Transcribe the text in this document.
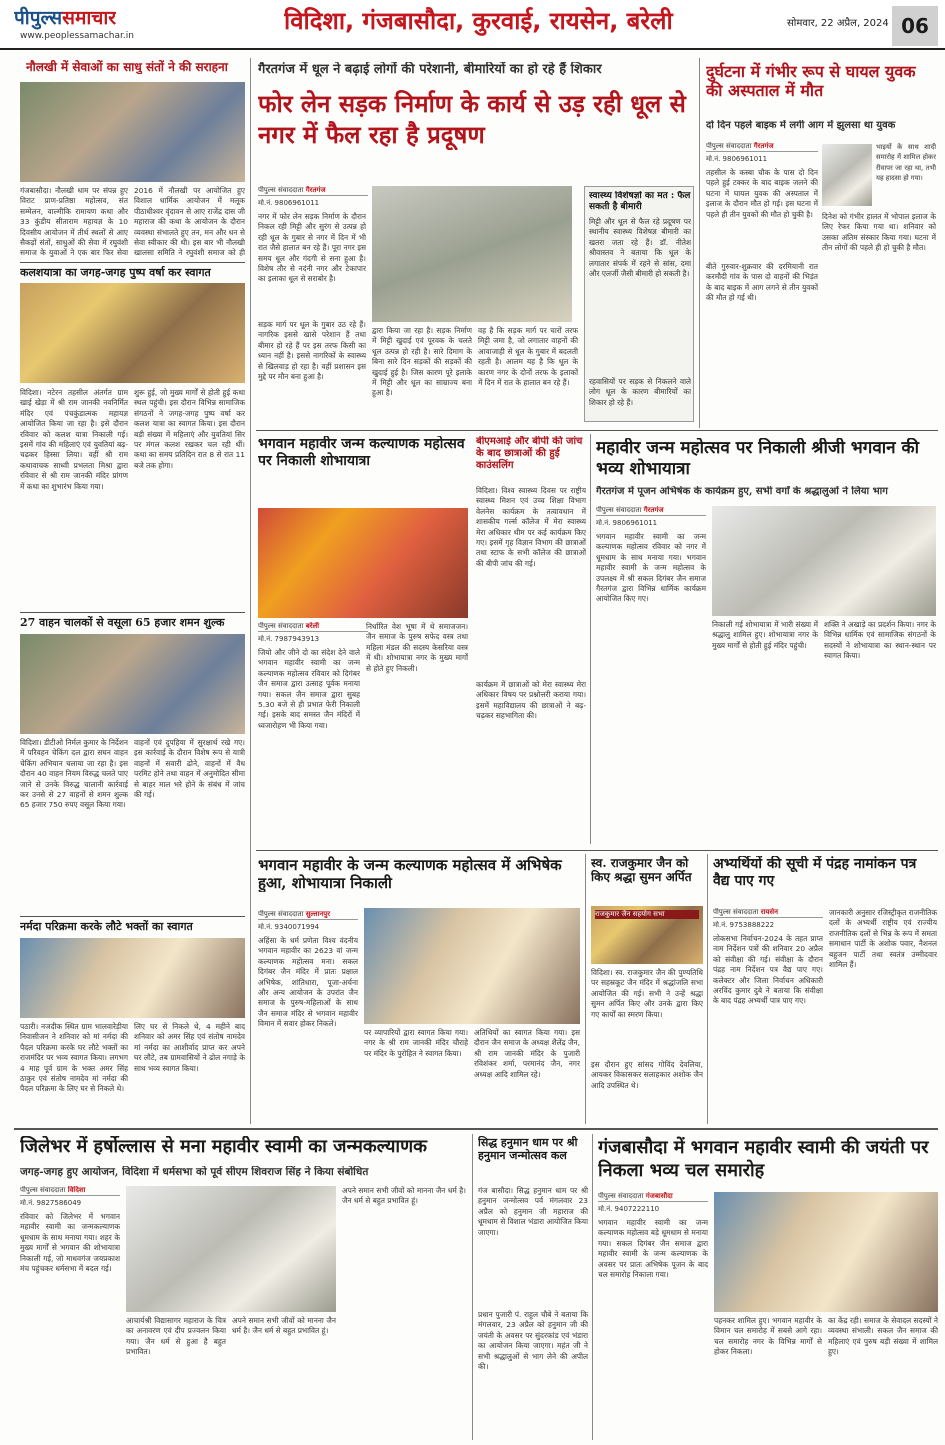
पीपुल्ससमाचार
www.peoplessamachar.in
विदिशा, गंजबासौदा, कुरवाई, रायसेन, बरेली	सोमवार, 22 अप्रैल, 2024 06
नौलखी में सेवाओं का साधु संतों ने की सराहना
गंजबासौदा। नौलखी धाम पर संपन्न हुए विराट प्राण-प्रतिष्ठा महोत्सव, संत सम्मेलन, वाल्मीकि रामायण कथा और 33 कुंडीय सीताराम महायज्ञ के 10 दिवसीय आयोजन में तीर्थ स्थलों से आए सैकड़ों संतों, साधुओं की सेवा में रघुवंशी समाज के युवाओं ने एक बार फिर सेवा
2016 में नौलखी पर आयोजित हुए विशाल धार्मिक आयोजन में मलूक पीठाधीश्वर वृंदावन से आए राजेंद्र दास जी महाराज की कथा के आयोजन के दौरान व्यवस्था संभालते हुए तन, मन और धन से सेवा स्वीकार की थी। इस बार भी नौलखी खालसा समिति ने रघुवंशी समाज को ही
कलशयात्रा का जगह-जगह पुष्प वर्षा कर स्वागत
विदिशा। नटेरन तहसील अंतर्गत ग्राम खाई खेड़ा में श्री राम जानकी नवनिर्मित मंदिर एवं पंचकुंडात्मक महायज्ञ आयोजित किया जा रहा है। इसे दौरान रविवार को कलश यात्रा निकाली गई। इसमें गांव की महिलाएं एवं युवतियां बढ़-चढ़कर हिस्सा लिया। वहीं श्री राम कथावाचक साध्वी प्रभलता मिश्रा द्वारा रविवार से श्री राम जानकी मंदिर प्रांगण में कथा का शुभारंभ किया गया।
शुरू हुई, जो मुख्य मार्गों से होती हुई कथा स्थल पहुंची। इस दौरान विभिन्न सामाजिक संगठनों ने जगह-जगह पुष्प वर्षा कर कलश यात्रा का स्वागत किया। इस दौरान बड़ी संख्या में महिलाएं और युवतियां सिर पर मंगल कलश रखकर चल रही थीं। कथा का समय प्रतिदिन रात 8 से रात 11 बजे तक होगा।
27 वाहन चालकों से वसूला 65 हजार शमन शुल्क
विदिशा। डीटीओ निर्मल कुमार के निर्देशन में परिवहन चेकिंग दल द्वारा सघन वाहन चेकिंग अभियान चलाया जा रहा है। इस दौरान 40 वाहन नियम विरुद्ध चलते पाए जाने से उनके विरुद्ध चालानी कार्रवाई कर उनसे से 27 वाहनों से शमन शुल्क 65 हजार 750 रुपए वसूल किया गया।
वाहनों एवं दुपहिया में सुरक्षार्थ रखे गए। इस कार्रवाई के दौरान विशेष रूप से यात्री वाहनों में सवारी ढोने, वाहनों में वैध परमिट होने तथा वाहन में अनुमोदित सीमा से बाहर माल भरे होने के संबंध में जांच की गई।
नर्मदा परिक्रमा करके लौटे भक्तों का स्वागत
पठारी। नजदीक स्थित ग्राम भालवारेड़ीया निवासीजन ने शनिवार को मां नर्मदा की पैदल परिक्रमा करके घर लौटे भक्तों का राजमंदिर पर भव्य स्वागत किया। लगभग 4 माह पूर्व ग्राम के भक्त अमर सिंह ठाकुर एवं संतोष नामदेव मां नर्मदा की पैदल परिक्रमा के लिए घर से निकले थे।
लिए घर से निकले थे, 4 महीने बाद शनिवार को अमर सिंह एवं संतोष नामदेव मां नर्मदा का आशीर्वाद प्राप्त कर अपने घर लौटे, तब ग्रामवासियों ने ढोल नगाड़े के साथ भव्य स्वागत किया।
गैरतगंज में धूल ने बढ़ाई लोगों की परेशानी, बीमारियों का हो रहे हैं शिकार
फोर लेन सड़क निर्माण के कार्य से उड़ रही धूल से नगर में फैल रहा है प्रदूषण
पीपुल्स संवाददाता गैरतगंज
मो.नं. 9806961011
नगर में फोर लेन सड़क निर्माण के दौरान निकल रही मिट्टी और सुरंग से उत्पन्न हो रही धूल के गुबार से नगर में दिन में भी रात जैसे हालात बन रहे हैं। पूरा नगर इस समय धूल और गंदगी से सना हुआ है। विशेष तौर से नदंनी नगर और टेकापार का इलाका धूल से सराबोर है।
सड़क मार्ग पर धूल के गुबार उठ रहे हैं। नागरिक इससे खासे परेशान हैं तथा बीमार हो रहे हैं पर इस तरफ किसी का ध्यान नहीं है। इससे नागरिकों के स्वास्थ्य से खिलवाड़ हो रहा है। वहीं प्रशासन इस मुद्दे पर मौन बना हुआ है।
द्वारा किया जा रहा है। सड़क निर्माण में मिट्टी खुदाई एवं पूरवक के चलते धूल उत्पन्न हो रही है। सारे दिमाग के बिना सारे दिन सड़कों की सड़कों की खुदाई हुई है। जिस कारण पूरे इलाके में मिट्टी और धूल का साम्राज्य बना हुआ है।
वह है कि सड़क मार्ग पर चारों तरफ मिट्टी जमा है, जो लगातार वाहनों की आवाजाही से धूल के गुबार में बदलती रहती है। आलम यह है कि धूल के कारण नगर के दोनों तरफ के इलाकों में दिन में रात के हालात बन रहे हैं।
स्वास्थ्य विशेषज्ञों का मत : फैल सकती है बीमारी
मिट्टी और धूल से फैल रहे प्रदूषण पर स्थानीय स्वास्थ्य विशेषज्ञ बीमारी का खतरा जता रहे हैं। डॉ. नीतेश श्रीवास्तव ने बताया कि धूल के लगातार संपर्क में रहने से सांस, दमा और एलर्जी जैसी बीमारी हो सकती है।
रहवासियों पर सड़क से निकलने वाले लोग धूल के कारण बीमारियों का शिकार हो रहे हैं।
दुर्घटना में गंभीर रूप से घायल युवक की अस्पताल में मौत
दो दिन पहले बाइक में लगी आग में झुलसा था युवक
पीपुल्स संवाददाता गैरतगंज
मो.नं. 9806961011
भाइयों के साथ शादी समारोह में शामिल होकर रीवापर जा रहा था, तभी यह हादसा हो गया।
तहसील के कस्बा चौक के पास दो दिन पहले हुई टक्कर के बाद बाइक जलने की घटना में घायल युवक की अस्पताल में इलाज के दौरान मौत हो गई। इस घटना में पहले ही तीन युवकों की मौत हो चुकी है।
बीते गुरुवार-शुक्रवार की दरमियानी रात करमौदी गांव के पास दो वाहनों की भिड़ंत के बाद बाइक में आग लगने से तीन युवकों की मौत हो गई थी।
दिनेश को गंभीर हालत में भोपाल इलाज के लिए रेफर किया गया था। शनिवार को उसका अंतिम संस्कार किया गया। घटना में तीन लोगों की पहले ही हो चुकी है मौत।
भगवान महावीर जन्म कल्याणक महोत्सव पर निकाली शोभायात्रा
पीपुल्स संवाददाता बरेली
मो.नं. 7987943913
जियो और जीने दो का संदेश देने वाले भगवान महावीर स्वामी का जन्म कल्याणक महोत्सव रविवार को दिगंबर जैन समाज द्वारा उत्साह पूर्वक मनाया गया। सकल जैन समाज द्वारा सुबह 5.30 बजे से ही प्रभात फेरी निकाली गई। इसके बाद समस्त जैन मंदिरों में ध्वजारोहण भी किया गया।
निर्धारित वेश भूषा में थे समाजजन। जैन समाज के पुरुष सफेद वस्त्र तथा महिला मंडल की सदस्य केसरिया वस्त्र में थी। शोभायात्रा नगर के मुख्य मार्गों से होते हुए निकली।
बीएमआई और बीपी की जांच के बाद छात्राओं की हुई काउंसलिंग
विदिशा। विश्व स्वास्थ्य दिवस पर राष्ट्रीय स्वास्थ्य मिशन एवं उच्च शिक्षा विभाग वेलनेस कार्यक्रम के तत्वावधान में शासकीय गर्ल्स कॉलेज में मेरा स्वास्थ्य मेरा अधिकार थीम पर कई कार्यक्रम किए गए। इसमें गृह विज्ञान विभाग की छात्राओं तथा स्टाफ के सभी कॉलेज की छात्राओं की बीपी जांच की गई।
कार्यक्रम में छात्राओं को मेरा स्वास्थ्य मेरा अधिकार विषय पर प्रश्नोत्तरी कराया गया। इसमें महाविद्यालय की छात्राओं ने बढ़-चढ़कर सहभागिता की।
महावीर जन्म महोत्सव पर निकाली श्रीजी भगवान की भव्य शोभायात्रा
गैरतगंज में पूजन अभिषेक के कार्यक्रम हुए, सभी वर्गों के श्रद्धालुओं ने लिया भाग
पीपुल्स संवाददाता गैरतगंज
मो.नं. 9806961011
भगवान महावीर स्वामी का जन्म कल्याणक महोत्सव रविवार को नगर में धूमधाम के साथ मनाया गया। भगवान महावीर स्वामी के जन्म महोत्सव के उपलक्ष्य में श्री सकल दिगंबर जैन समाज गैरतगंज द्वारा विभिन्न धार्मिक कार्यक्रम आयोजित किए गए।
निकाली गई शोभायात्रा में भारी संख्या में श्रद्धालु शामिल हुए। शोभायात्रा नगर के मुख्य मार्गों से होती हुई मंदिर पहुंची।
शक्ति ने अखाड़े का प्रदर्शन किया। नगर के विभिन्न धार्मिक एवं सामाजिक संगठनों के सदस्यों ने शोभायात्रा का स्थान-स्थान पर स्वागत किया।
भगवान महावीर के जन्म कल्याणक महोत्सव में अभिषेक हुआ, शोभायात्रा निकाली
पीपुल्स संवाददाता सुल्तानपुर
मो.नं. 9340071994
अहिंसा के धर्म प्रणेता विश्व वंदनीय भगवान महावीर का 2623 वां जन्म कल्याणक महोत्सव मना। सकल दिगंबर जैन मंदिर में प्रातः प्रक्षाल अभिषेक, शांतिधारा, पूजा-अर्चना और अन्य आयोजन के उपरांत जैन समाज के पुरुष-महिलाओं के साथ जैन समाज मंदिर से भगवान महावीर विमान में सवार होकर निकले।
पर व्यापारियों द्वारा स्वागत किया गया। नगर के श्री राम जानकी मंदिर चौराहे पर मंदिर के पुरोहित ने स्वागत किया।
अतिथियों का स्वागत किया गया। इस दौरान जैन समाज के अध्यक्ष शैलेंद्र जैन, श्री राम जानकी मंदिर के पुजारी रविशंकर शर्मा, परमानंद जैन, नगर अध्यक्ष आदि शामिल रहे।
स्व. राजकुमार जैन को किए श्रद्धा सुमन अर्पित
राजकुमार जैन सहयोग सभा
विदिशा। स्व. राजकुमार जैन की पुण्यतिथि पर सहस्रकूट जैन मंदिर में श्रद्धांजलि सभा आयोजित की गई। सभी ने उन्हें श्रद्धा सुमन अर्पित किए और उनके द्वारा किए गए कार्यों का स्मरण किया।
इस दौरान हुए सांसद गोविंद देवलिया, आयकर विकासकर सलाहकार अशोक जैन आदि उपस्थित थे।
अभ्यर्थियों की सूची में पंद्रह नामांकन पत्र वैद्य पाए गए
पीपुल्स संवाददाता रायसेन
मो.नं. 9753888222
लोकसभा निर्वाचन-2024 के तहत प्राप्त नाम निर्देशन पत्रों की शनिवार 20 अप्रैल को संवीक्षा की गई। संवीक्षा के दौरान पंद्रह नाम निर्देशन पत्र वैद्य पाए गए। कलेक्टर और जिला निर्वाचन अधिकारी अरविंद कुमार दुबे ने बताया कि संवीक्षा के बाद पंद्रह अभ्यर्थी पात्र पाए गए।
जानकारी अनुसार रजिस्ट्रीकृत राजनीतिक दलों के अभ्यर्थी राष्ट्रीय एवं राज्यीय राजनीतिक दलों से भिन्न के रूप में समता समाधान पार्टी के अशोक पवार, नैशनल बहुजन पार्टी तथा स्वतंत्र उम्मीदवार शामिल हैं।
जिलेभर में हर्षोल्लास से मना महावीर स्वामी का जन्मकल्याणक
जगह-जगह हुए आयोजन, विदिशा में धर्मसभा को पूर्व सीएम शिवराज सिंह ने किया संबोधित
पीपुल्स संवाददाता विदिशा
मो.नं. 9827586049
रविवार को जिलेभर में भगवान महावीर स्वामी का जन्मकल्याणक धूमधाम के साथ मनाया गया। शहर के मुख्य मार्गों से भगवान की शोभायात्रा निकाली गई, जो माधवगंज जयप्रकाश मंच पहुंचकर धर्मसभा में बदल गई।
आचार्यश्री विद्यासागर महाराज के चित्र का अनावरण एवं दीप प्रज्वलन किया गया। जैन धर्म से हुआ है बहुत प्रभावित।
अपने समान सभी जीवों को मानना जैन धर्म है। जैन धर्म से बहुत प्रभावित हूं।
अपने समान सभी जीवों को मानना जैन धर्म है। जैन धर्म से बहुत प्रभावित हूं।
सिद्ध हनुमान धाम पर श्री हनुमान जन्मोत्सव कल
गंज बासौदा। सिद्ध हनुमान धाम पर श्री हनुमान जन्मोत्सव पर्व मंगलवार 23 अप्रैल को हनुमान जी महाराज की धूमधाम से विशाल भंडारा आयोजित किया जाएगा।
प्रधान पुजारी पं. राहुल चौबे ने बताया कि मंगलवार, 23 अप्रैल को हनुमान जी की जयंती के अवसर पर सुंदरकांड एवं भंडारा का आयोजन किया जाएगा। महंत जी ने सभी श्रद्धालुओं से भाग लेने की अपील की।
गंजबासौदा में भगवान महावीर स्वामी की जयंती पर निकला भव्य चल समारोह
पीपुल्स संवाददाता गंजबासौदा
मो.नं. 9407222110
भगवान महावीर स्वामी का जन्म कल्याणक महोत्सव बड़े धूमधाम से मनाया गया। सकल दिगंबर जैन समाज द्वारा महावीर स्वामी के जन्म कल्याणक के अवसर पर प्रातः अभिषेक पूजन के बाद चल समारोह निकाला गया।
पहनकर शामिल हुए। भगवान महावीर के विमान चल समारोह में सबसे आगे रहा। चल समारोह नगर के विभिन्न मार्गों से होकर निकला।
का केंद्र रही। समाज के सेवादल सदस्यों ने व्यवस्था संभाली। सकल जैन समाज की महिलाएं एवं पुरुष बड़ी संख्या में शामिल हुए।
